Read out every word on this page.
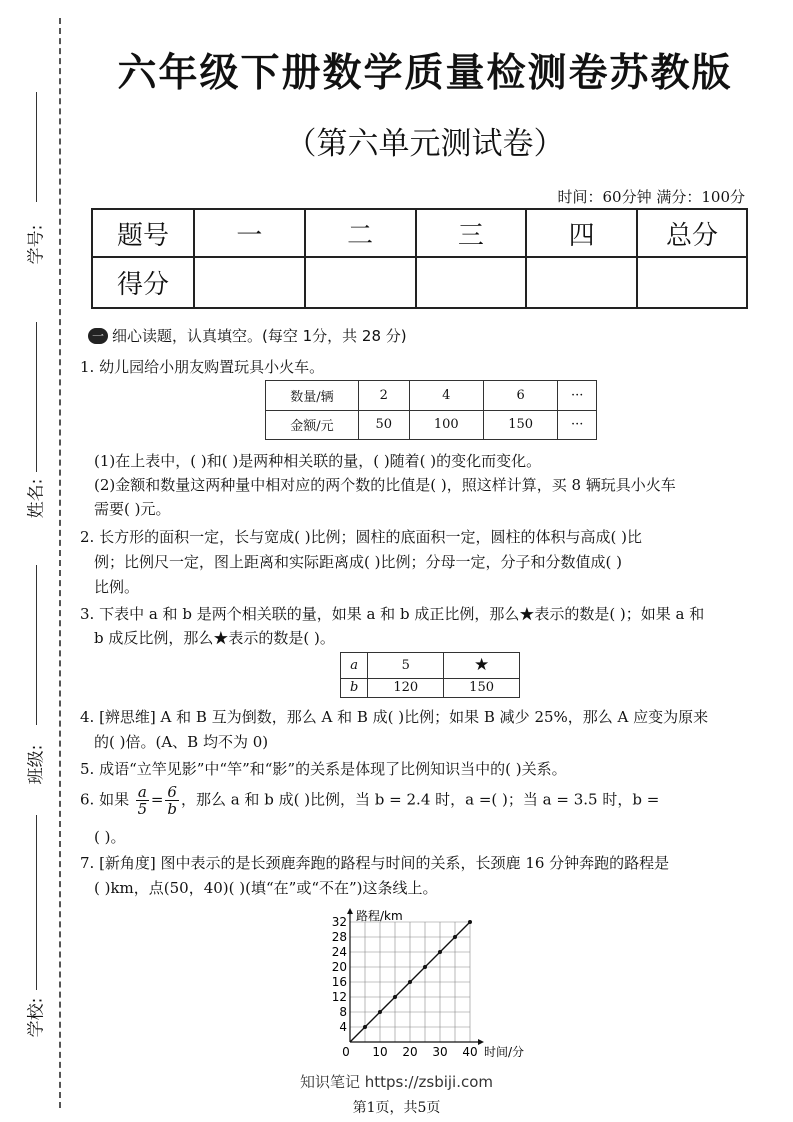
学号:
姓名:
班级:
学校:
六年级下册数学质量检测卷苏教版
（第六单元测试卷）
时间：60分钟 满分：100分
题号	一	二	三	四	总分
得分					
一 细心读题，认真填空。(每空 1分，共 28 分)
1. 幼儿园给小朋友购置玩具小火车。
数量/辆	2	4	6	···
金额/元	50	100	150	···
(1)在上表中，( )和( )是两种相关联的量，( )随着( )的变化而变化。
(2)金额和数量这两种量中相对应的两个数的比值是( )，照这样计算，买 8 辆玩具小火车
需要( )元。
2. 长方形的面积一定，长与宽成( )比例；圆柱的底面积一定，圆柱的体积与高成( )比
例；比例尺一定，图上距离和实际距离成( )比例；分母一定，分子和分数值成( )
比例。
3. 下表中 a 和 b 是两个相关联的量，如果 a 和 b 成正比例，那么★表示的数是( )；如果 a 和
b 成反比例，那么★表示的数是( )。
a	5	★
b	120	150
4. [辨思维] A 和 B 互为倒数，那么 A 和 B 成( )比例；如果 B 减少 25%，那么 A 应变为原来
的( )倍。(A、B 均不为 0)
5. 成语“立竿见影”中“竿”和“影”的关系是体现了比例知识当中的( )关系。
6. 如果 $\frac{a}{5} = \frac{6}{b}$ ，那么 a 和 b 成( )比例，当 b = 2.4 时，a =( )；当 a = 3.5 时，b =
( )。
7. [新角度] 图中表示的是长颈鹿奔跑的路程与时间的关系，长颈鹿 16 分钟奔跑的路程是
( )km，点(50，40)( )(填“在”或“不在”)这条线上。
0 10 20 30 40
4
8
12
16
20
24
28
32 路程/km
时间/分
知识笔记 https://zsbiji.com
第1页，共5页
